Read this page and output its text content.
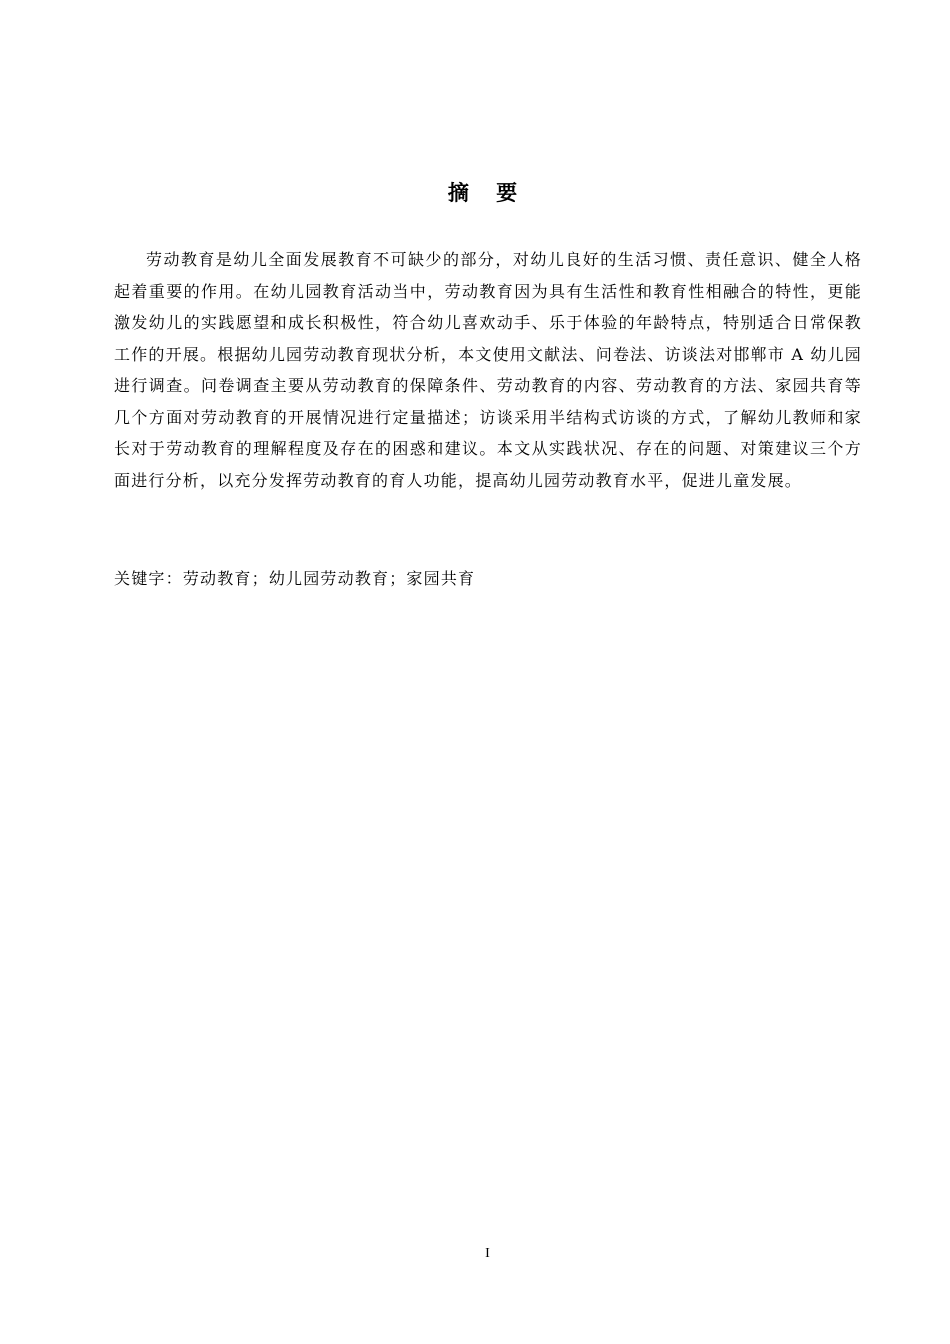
摘 要

劳动教育是幼儿全面发展教育不可缺少的部分，对幼儿良好的生活习惯、责任意识、健全人格起着重要的作用。在幼儿园教育活动当中，劳动教育因为具有生活性和教育性相融合的特性，更能激发幼儿的实践愿望和成长积极性，符合幼儿喜欢动手、乐于体验的年龄特点，特别适合日常保教工作的开展。根据幼儿园劳动教育现状分析，本文使用文献法、问卷法、访谈法对邯郸市 A 幼儿园进行调查。问卷调查主要从劳动教育的保障条件、劳动教育的内容、劳动教育的方法、家园共育等几个方面对劳动教育的开展情况进行定量描述；访谈采用半结构式访谈的方式，了解幼儿教师和家长对于劳动教育的理解程度及存在的困惑和建议。本文从实践状况、存在的问题、对策建议三个方面进行分析，以充分发挥劳动教育的育人功能，提高幼儿园劳动教育水平，促进儿童发展。

关键字：劳动教育；幼儿园劳动教育；家园共育
I
